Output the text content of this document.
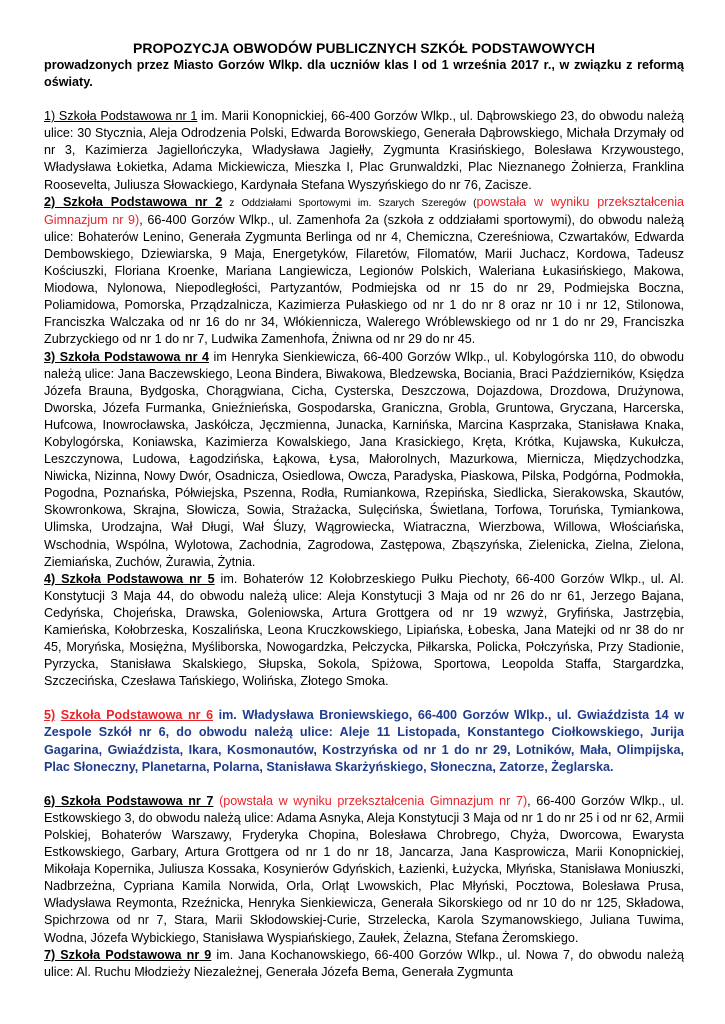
PROPOZYCJA OBWODÓW PUBLICZNYCH SZKÓŁ PODSTAWOWYCH

prowadzonych przez Miasto Gorzów Wlkp. dla uczniów klas I od 1 września 2017 r., w związku z reformą oświaty.

1) Szkoła Podstawowa nr 1 im. Marii Konopnickiej, 66-400 Gorzów Wlkp., ul. Dąbrowskiego 23, do obwodu należą ulice: 30 Stycznia, Aleja Odrodzenia Polski, Edwarda Borowskiego, Generała Dąbrowskiego, Michała Drzymały od nr 3, Kazimierza Jagiellończyka, Władysława Jagiełły, Zygmunta Krasińskiego, Bolesława Krzywoustego, Władysława Łokietka, Adama Mickiewicza, Mieszka I, Plac Grunwaldzki, Plac Nieznanego Żołnierza, Franklina Roosevelta, Juliusza Słowackiego, Kardynała Stefana Wyszyńskiego do nr 76, Zacisze.

2) Szkoła Podstawowa nr 2 z Oddziałami Sportowymi im. Szarych Szeregów (powstała w wyniku przekształcenia Gimnazjum nr 9), 66-400 Gorzów Wlkp., ul. Zamenhofa 2a (szkoła z oddziałami sportowymi), do obwodu należą ulice: Bohaterów Lenino, Generała Zygmunta Berlinga od nr 4, Chemiczna, Czereśniowa, Czwartaków, Edwarda Dembowskiego, Dziewiarska, 9 Maja, Energetyków, Filaretów, Filomatów, Marii Juchacz, Kordowa, Tadeusz Kościuszki, Floriana Kroenke, Mariana Langiewicza, Legionów Polskich, Waleriana Łukasińskiego, Makowa, Miodowa, Nylonowa, Niepodległości, Partyzantów, Podmiejska od nr 15 do nr 29, Podmiejska Boczna, Poliamidowa, Pomorska, Prządzalnicza, Kazimierza Pułaskiego od nr 1 do nr 8 oraz nr 10 i nr 12, Stilonowa, Franciszka Walczaka od nr 16 do nr 34, Włókiennicza, Walerego Wróblewskiego od nr 1 do nr 29, Franciszka Zubrzyckiego od nr 1 do nr 7, Ludwika Zamenhofa, Żniwna od nr 29 do nr 45.

3) Szkoła Podstawowa nr 4 im Henryka Sienkiewicza, 66-400 Gorzów Wlkp., ul. Kobylogórska 110, do obwodu należą ulice: Jana Baczewskiego, Leona Bindera, Biwakowa, Bledzewska, Bociania, Braci Październików, Księdza Józefa Brauna, Bydgoska, Chorągwiana, Cicha, Cysterska, Deszczowa, Dojazdowa, Drozdowa, Drużynowa, Dworska, Józefa Furmanka, Gnieźnieńska, Gospodarska, Graniczna, Grobla, Gruntowa, Gryczana, Harcerska, Hufcowa, Inowrocławska, Jaskółcza, Jęczmienna, Junacka, Karnińska, Marcina Kasprzaka, Stanisława Knaka, Kobylogórska, Koniawska, Kazimierza Kowalskiego, Jana Krasickiego, Kręta, Krótka, Kujawska, Kukułcza, Leszczynowa, Ludowa, Łagodzińska, Łąkowa, Łysa, Małorolnych, Mazurkowa, Miernicza, Międzychodzka, Niwicka, Nizinna, Nowy Dwór, Osadnicza, Osiedlowa, Owcza, Paradyska, Piaskowa, Pilska, Podgórna, Podmokła, Pogodna, Poznańska, Półwiejska, Pszenna, Rodła, Rumiankowa, Rzepińska, Siedlicka, Sierakowska, Skautów, Skowronkowa, Skrajna, Słowicza, Sowia, Strażacka, Sulęcińska, Świetlana, Torfowa, Toruńska, Tymiankowa, Ulimska, Urodzajna, Wał Długi, Wał Śluzy, Wągrowiecka, Wiatraczna, Wierzbowa, Willowa, Włościańska, Wschodnia, Wspólna, Wylotowa, Zachodnia, Zagrodowa, Zastępowa, Zbąszyńska, Zielenicka, Zielna, Zielona, Ziemiańska, Zuchów, Żurawia, Żytnia.

4) Szkoła Podstawowa nr 5 im. Bohaterów 12 Kołobrzeskiego Pułku Piechoty, 66-400 Gorzów Wlkp., ul. Al. Konstytucji 3 Maja 44, do obwodu należą ulice: Aleja Konstytucji 3 Maja od nr 26 do nr 61, Jerzego Bajana, Cedyńska, Chojeńska, Drawska, Goleniowska, Artura Grottgera od nr 19 wzwyż, Gryfińska, Jastrzębia, Kamieńska, Kołobrzeska, Koszalińska, Leona Kruczkowskiego, Lipiańska, Łobeska, Jana Matejki od nr 38 do nr 45, Moryńska, Mosiężna, Myśliborska, Nowogardzka, Pełczycka, Piłkarska, Policka, Połczyńska, Przy Stadionie, Pyrzycka, Stanisława Skalskiego, Słupska, Sokola, Spiżowa, Sportowa, Leopolda Staffa, Stargardzka, Szczecińska, Czesława Tańskiego, Wolińska, Złotego Smoka.

5) Szkoła Podstawowa nr 6 im. Władysława Broniewskiego, 66-400 Gorzów Wlkp., ul. Gwiaździsta 14 w Zespole Szkół nr 6, do obwodu należą ulice: Aleje 11 Listopada, Konstantego Ciołkowskiego, Jurija Gagarina, Gwiaździsta, Ikara, Kosmonautów, Kostrzyńska od nr 1 do nr 29, Lotników, Mała, Olimpijska, Plac Słoneczny, Planetarna, Polarna, Stanisława Skarżyńskiego, Słoneczna, Zatorze, Żeglarska.

6) Szkoła Podstawowa nr 7 (powstała w wyniku przekształcenia Gimnazjum nr 7), 66-400 Gorzów Wlkp., ul. Estkowskiego 3, do obwodu należą ulice: Adama Asnyka, Aleja Konstytucji 3 Maja od nr 1 do nr 25 i od nr 62, Armii Polskiej, Bohaterów Warszawy, Fryderyka Chopina, Bolesława Chrobrego, Chyża, Dworcowa, Ewarysta Estkowskiego, Garbary, Artura Grottgera od nr 1 do nr 18, Jancarza, Jana Kasprowicza, Marii Konopnickiej, Mikołaja Kopernika, Juliusza Kossaka, Kosynierów Gdyńskich, Łazienki, Łużycka, Młyńska, Stanisława Moniuszki, Nadbrzeżna, Cypriana Kamila Norwida, Orla, Orląt Lwowskich, Plac Młyński, Pocztowa, Bolesława Prusa, Władysława Reymonta, Rzeźnicka, Henryka Sienkiewicza, Generała Sikorskiego od nr 10 do nr 125, Składowa, Spichrzowa od nr 7, Stara, Marii Skłodowskiej-Curie, Strzelecka, Karola Szymanowskiego, Juliana Tuwima, Wodna, Józefa Wybickiego, Stanisława Wyspiańskiego, Zaułek, Żelazna, Stefana Żeromskiego.

7) Szkoła Podstawowa nr 9 im. Jana Kochanowskiego, 66-400 Gorzów Wlkp., ul. Nowa 7, do obwodu należą ulice: Al. Ruchu Młodzieży Niezależnej, Generała Józefa Bema, Generała Zygmunta
